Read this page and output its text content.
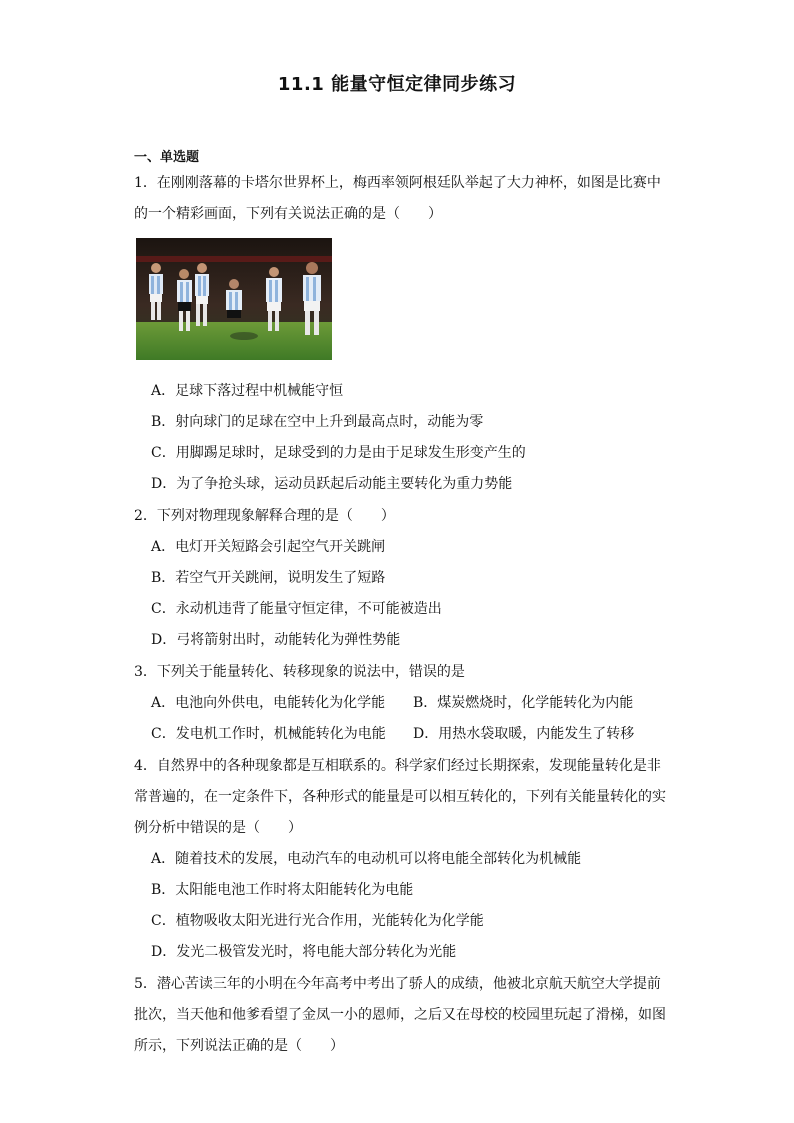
11.1 能量守恒定律同步练习
一、单选题
1．在刚刚落幕的卡塔尔世界杯上，梅西率领阿根廷队举起了大力神杯，如图是比赛中
的一个精彩画面，下列有关说法正确的是（　　）
A．足球下落过程中机械能守恒
B．射向球门的足球在空中上升到最高点时，动能为零
C．用脚踢足球时，足球受到的力是由于足球发生形变产生的
D．为了争抢头球，运动员跃起后动能主要转化为重力势能
2．下列对物理现象解释合理的是（　　）
A．电灯开关短路会引起空气开关跳闸
B．若空气开关跳闸，说明发生了短路
C．永动机违背了能量守恒定律，不可能被造出
D．弓将箭射出时，动能转化为弹性势能
3．下列关于能量转化、转移现象的说法中，错误的是
A．电池向外供电，电能转化为化学能 B．煤炭燃烧时，化学能转化为内能
C．发电机工作时，机械能转化为电能 D．用热水袋取暖，内能发生了转移
4．自然界中的各种现象都是互相联系的。科学家们经过长期探索，发现能量转化是非
常普遍的，在一定条件下，各种形式的能量是可以相互转化的，下列有关能量转化的实
例分析中错误的是（　　）
A．随着技术的发展，电动汽车的电动机可以将电能全部转化为机械能
B．太阳能电池工作时将太阳能转化为电能
C．植物吸收太阳光进行光合作用，光能转化为化学能
D．发光二极管发光时，将电能大部分转化为光能
5．潜心苦读三年的小明在今年高考中考出了骄人的成绩，他被北京航天航空大学提前
批次，当天他和他爹看望了金凤一小的恩师，之后又在母校的校园里玩起了滑梯，如图
所示，下列说法正确的是（　　）
